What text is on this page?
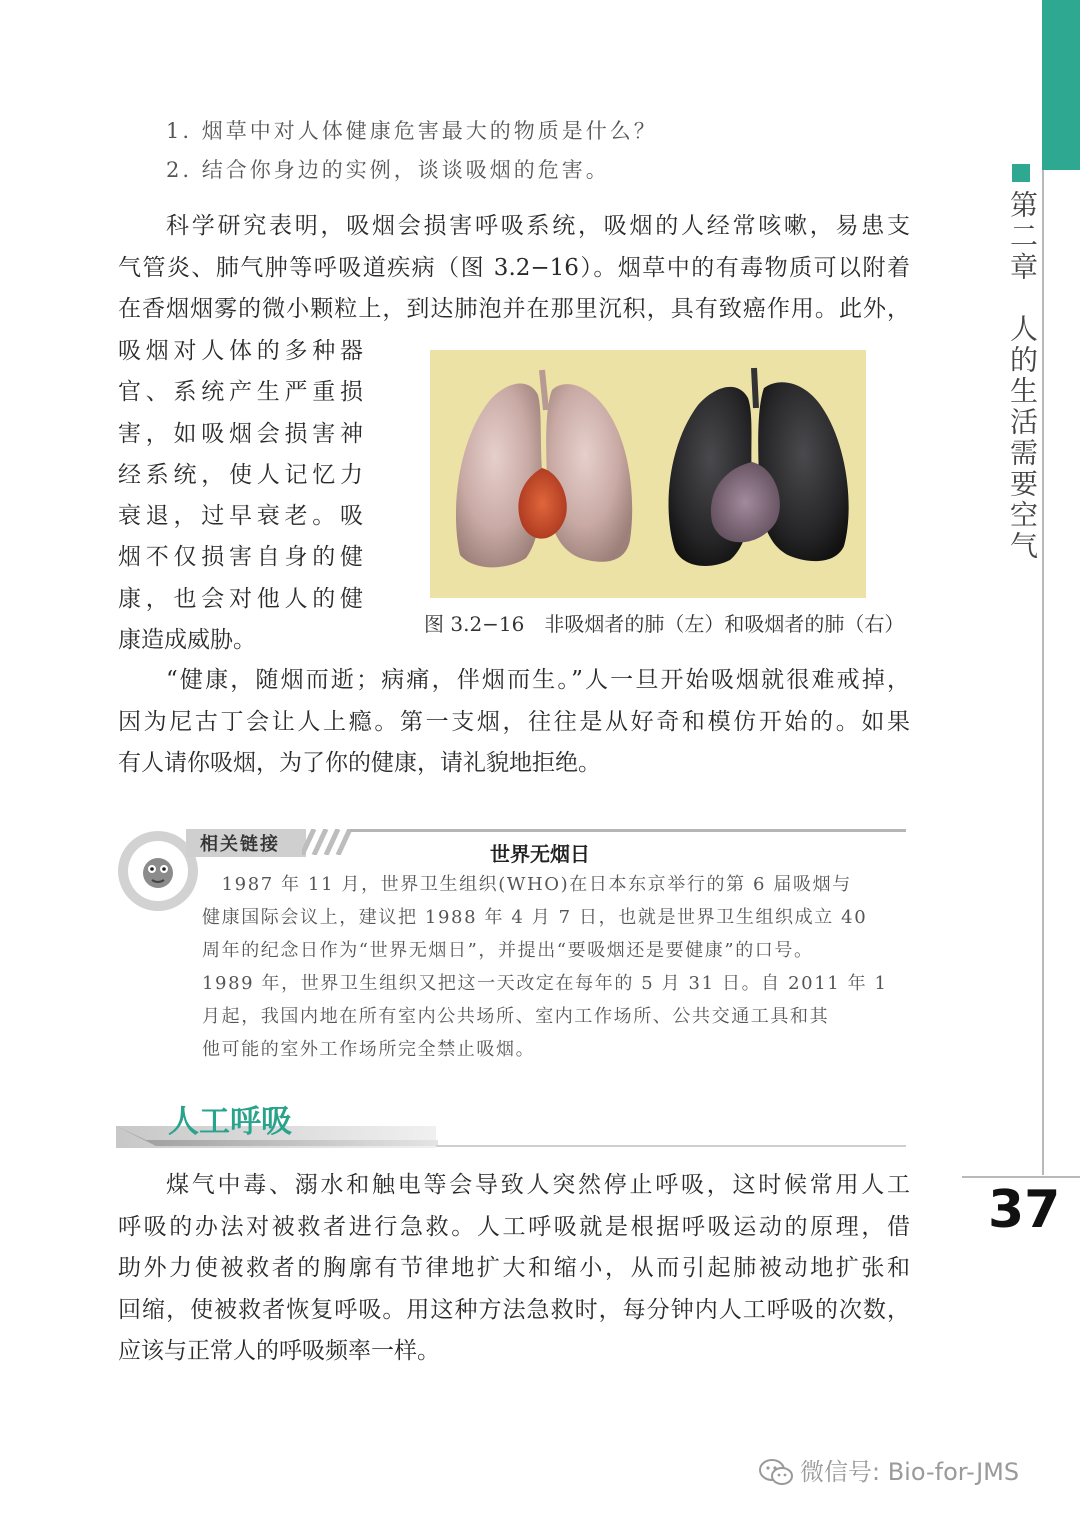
第二章　人的生活需要空气
37
1. 烟草中对人体健康危害最大的物质是什么？
2. 结合你身边的实例，谈谈吸烟的危害。
科学研究表明，吸烟会损害呼吸系统，吸烟的人经常咳嗽，易患支
气管炎、肺气肿等呼吸道疾病（图 3.2−16）。烟草中的有毒物质可以附着
在香烟烟雾的微小颗粒上，到达肺泡并在那里沉积，具有致癌作用。此外，
吸烟对人体的多种器
官、系统产生严重损
害，如吸烟会损害神
经系统，使人记忆力
衰退，过早衰老。吸
烟不仅损害自身的健
康，也会对他人的健
康造成威胁。
图 3.2−16　非吸烟者的肺（左）和吸烟者的肺（右）
“健康，随烟而逝；病痛，伴烟而生。”人一旦开始吸烟就很难戒掉，
因为尼古丁会让人上瘾。第一支烟，往往是从好奇和模仿开始的。如果
有人请你吸烟，为了你的健康，请礼貌地拒绝。
相关链接	世界无烟日
　1987 年 11 月，世界卫生组织(WHO)在日本东京举行的第 6 届吸烟与
健康国际会议上，建议把 1988 年 4 月 7 日，也就是世界卫生组织成立 40
周年的纪念日作为“世界无烟日”，并提出“要吸烟还是要健康”的口号。
1989 年，世界卫生组织又把这一天改定在每年的 5 月 31 日。自 2011 年 1
月起，我国内地在所有室内公共场所、室内工作场所、公共交通工具和其
他可能的室外工作场所完全禁止吸烟。
人工呼吸
煤气中毒、溺水和触电等会导致人突然停止呼吸，这时候常用人工
呼吸的办法对被救者进行急救。人工呼吸就是根据呼吸运动的原理，借
助外力使被救者的胸廓有节律地扩大和缩小，从而引起肺被动地扩张和
回缩，使被救者恢复呼吸。用这种方法急救时，每分钟内人工呼吸的次数，
应该与正常人的呼吸频率一样。
微信号: Bio-for-JMS
